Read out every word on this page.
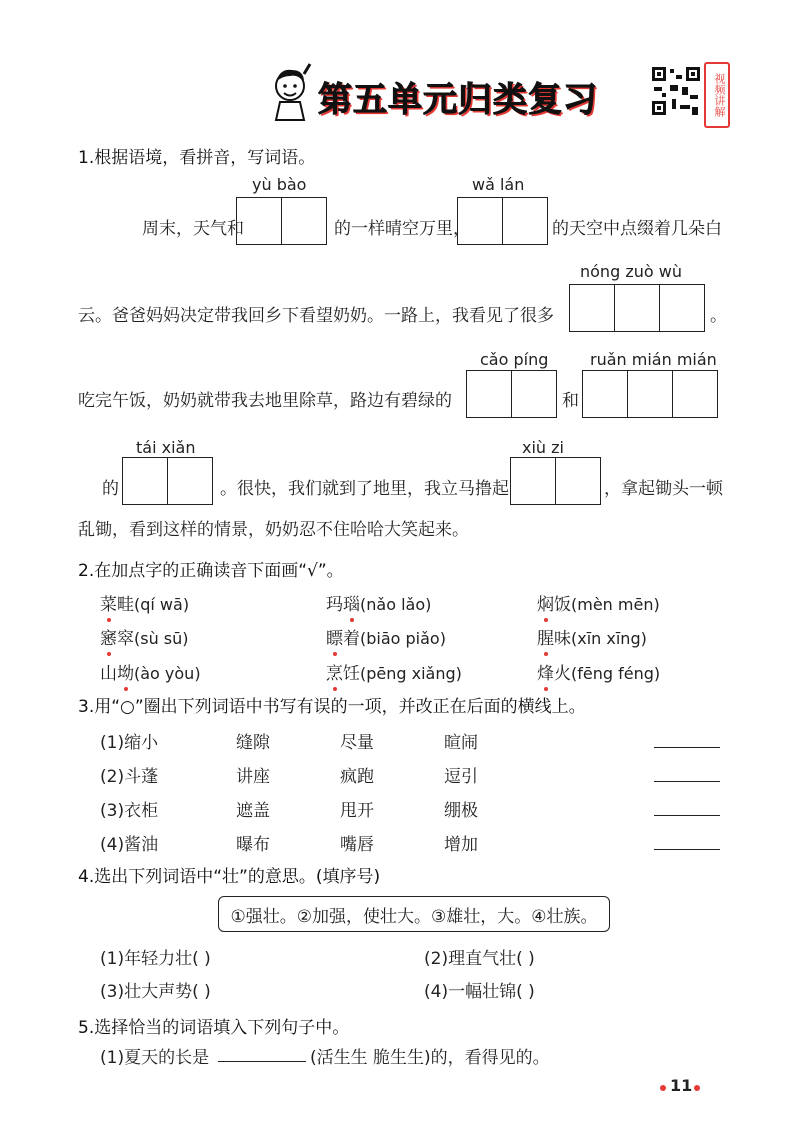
第五单元归类复习	视频讲解
1.根据语境，看拼音，写词语。
yù bào	wǎ lán
周末，天气和	的一样晴空万里，	的天空中点缀着几朵白
nóng zuò wù
云。爸爸妈妈决定带我回乡下看望奶奶。一路上，我看见了很多	。
cǎo píng	ruǎn mián mián
吃完午饭，奶奶就带我去地里除草，路边有碧绿的	和
tái xiǎn	xiù zi
的	。很快，我们就到了地里，我立马撸起	，拿起锄头一顿
乱锄，看到这样的情景，奶奶忍不住哈哈大笑起来。
2.在加点字的正确读音下面画“√”。
菜畦(qí wā)	玛瑙(nǎo lǎo)	焖饭(mèn mēn)
窸窣(sù sū)	瞟着(biāo piǎo)	腥味(xīn xīng)
山坳(ào yòu)	烹饪(pēng xiǎng)	烽火(fēng féng)
3.用“○”圈出下列词语中书写有误的一项，并改正在后面的横线上。
(1)缩小	缝隙	尽量	暄闹
(2)斗蓬	讲座	疯跑	逗引
(3)衣柜	遮盖	甩开	绷极
(4)酱油	曝布	嘴唇	增加
4.选出下列词语中“壮”的意思。(填序号)
①强壮。②加强，使壮大。③雄壮，大。④壮族。
(1)年轻力壮( )	(2)理直气壮( )
(3)壮大声势( )	(4)一幅壮锦( )
5.选择恰当的词语填入下列句子中。
(1)夏天的长是	(活生生 脆生生)的，看得见的。
11
